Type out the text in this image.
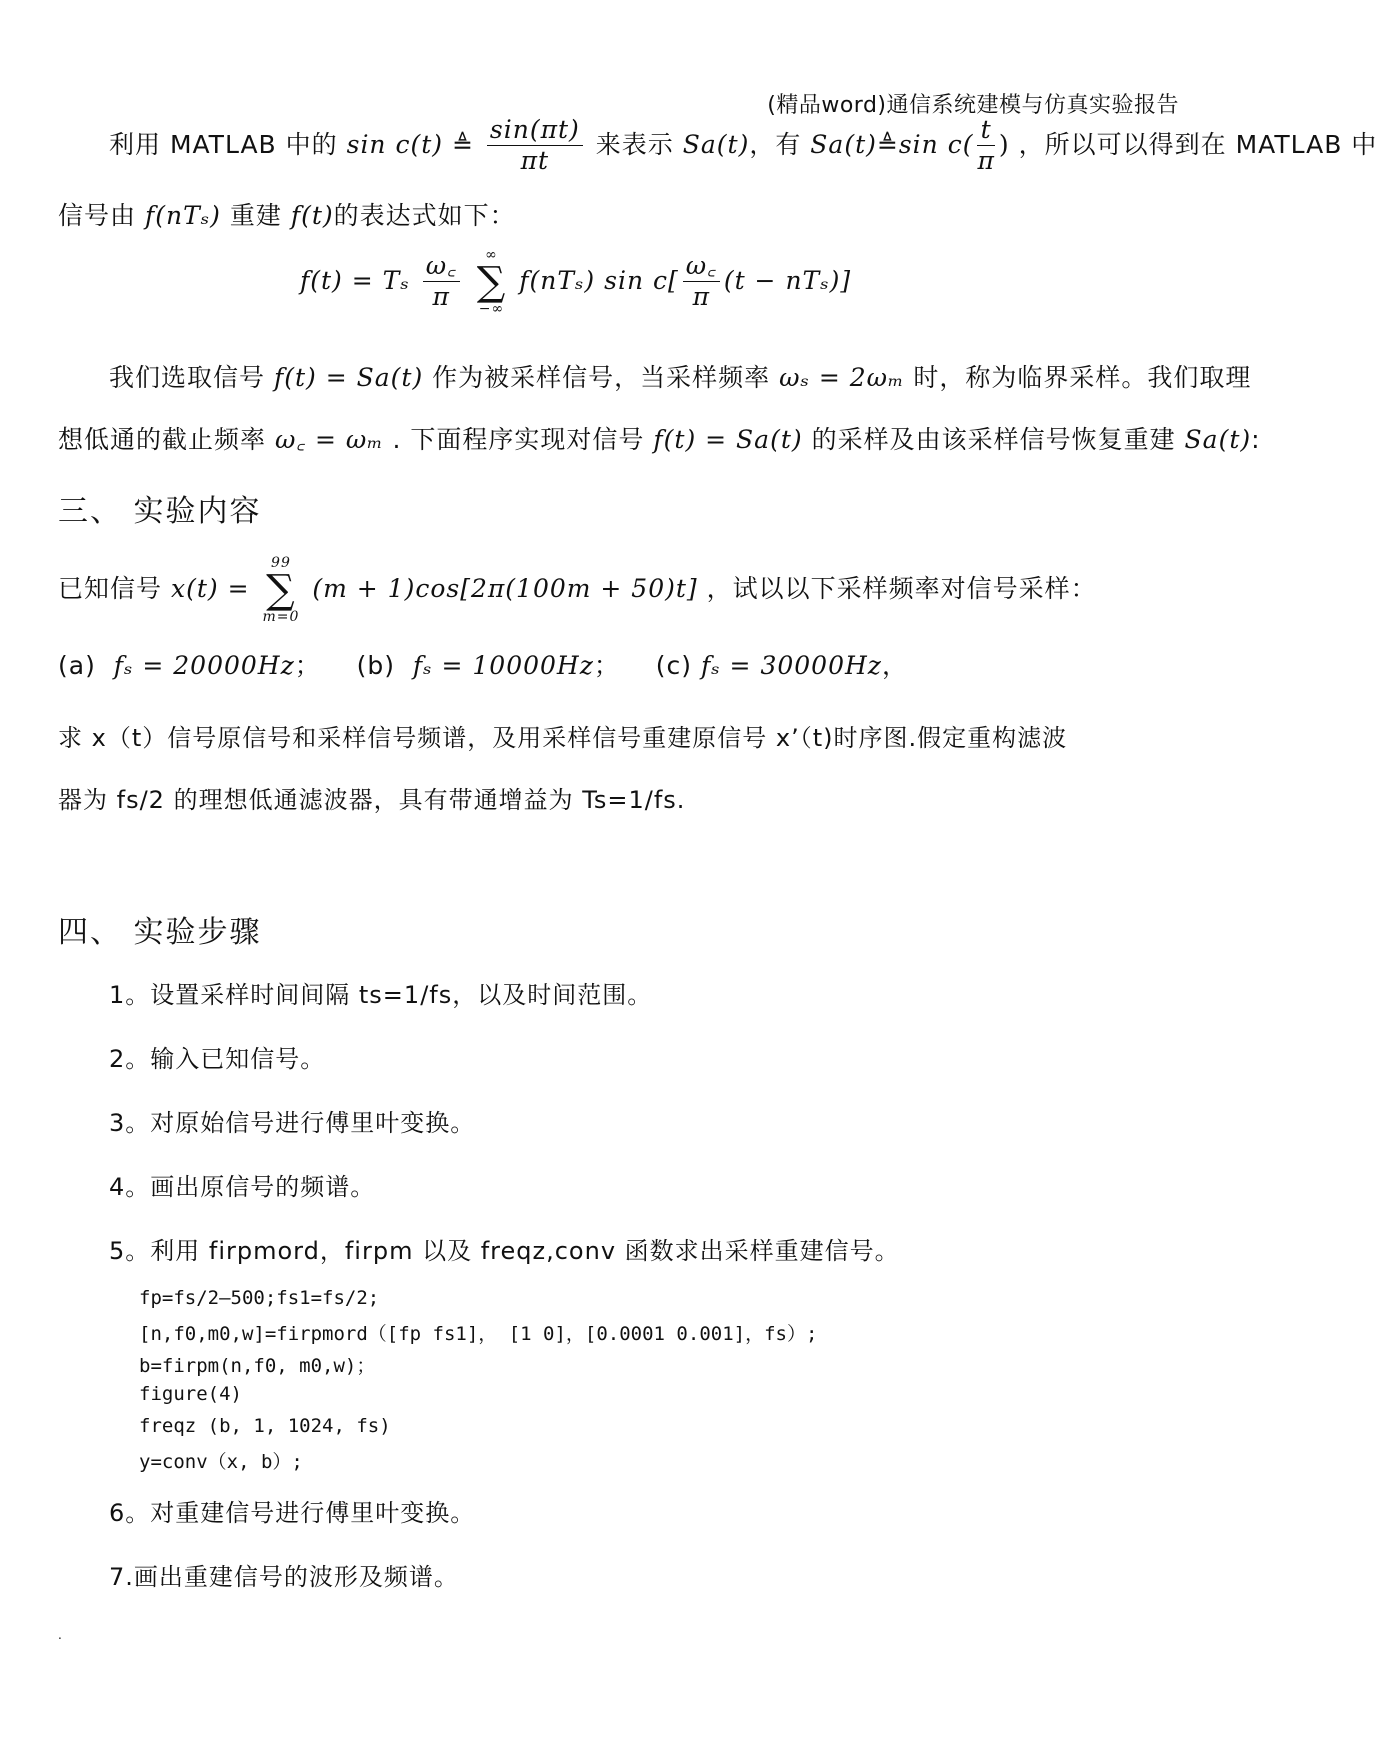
(精品word)通信系统建模与仿真实验报告
利用 MATLAB 中的 sin c(t) ≜ $\frac{\sin(\pi t)}{\pi t}$ 来表示 Sa(t)，有 Sa(t)≜sin $c( \frac{t}{\pi}$ ) ，所以可以得到在 MATLAB 中
信号由 f(nTₛ) 重建 f(t)的表达式如下：
f(t) = Tₛ $\frac{\omega꜀}{\pi}$
	∞
∑
−∞
f(nTₛ) $\sin c[ \frac{\omega꜀}{\pi} (t - nT_s)]$
我们选取信号 f(t) = Sa(t) 作为被采样信号，当采样频率 ωₛ = 2ωₘ 时，称为临界采样。我们取理
想低通的截止频率 ω꜀ = ωₘ . 下面程序实现对信号 f(t) = Sa(t) 的采样及由该采样信号恢复重建 Sa(t):
三、 实验内容
已知信号 x(t) =
99
∑
m=0
(m + 1)cos[2π(100m + 50)t] ，试以以下采样频率对信号采样：
(a) fₛ = 20000Hz； (b) fₛ = 10000Hz； (c) fₛ = 30000Hz，
求 x（t）信号原信号和采样信号频谱，及用采样信号重建原信号 x’（t)时序图.假定重构滤波
器为 fs/2 的理想低通滤波器，具有带通增益为 Ts=1/fs.
四、 实验步骤
1。设置采样时间间隔 ts=1/fs，以及时间范围。
2。输入已知信号。
3。对原始信号进行傅里叶变换。
4。画出原信号的频谱。
5。利用 firpmord，firpm 以及 freqz,conv 函数求出采样重建信号。
fp=fs/2—500;fs1=fs/2;
[n,f0,m0,w]=firpmord（[fp fs1]， [1 0]，[0.0001 0.001]，fs）;
b=firpm(n,f0, m0,w)；
figure(4)
freqz (b, 1, 1024, fs)
y=conv（x, b）;
6。对重建信号进行傅里叶变换。
7.画出重建信号的波形及频谱。
.
